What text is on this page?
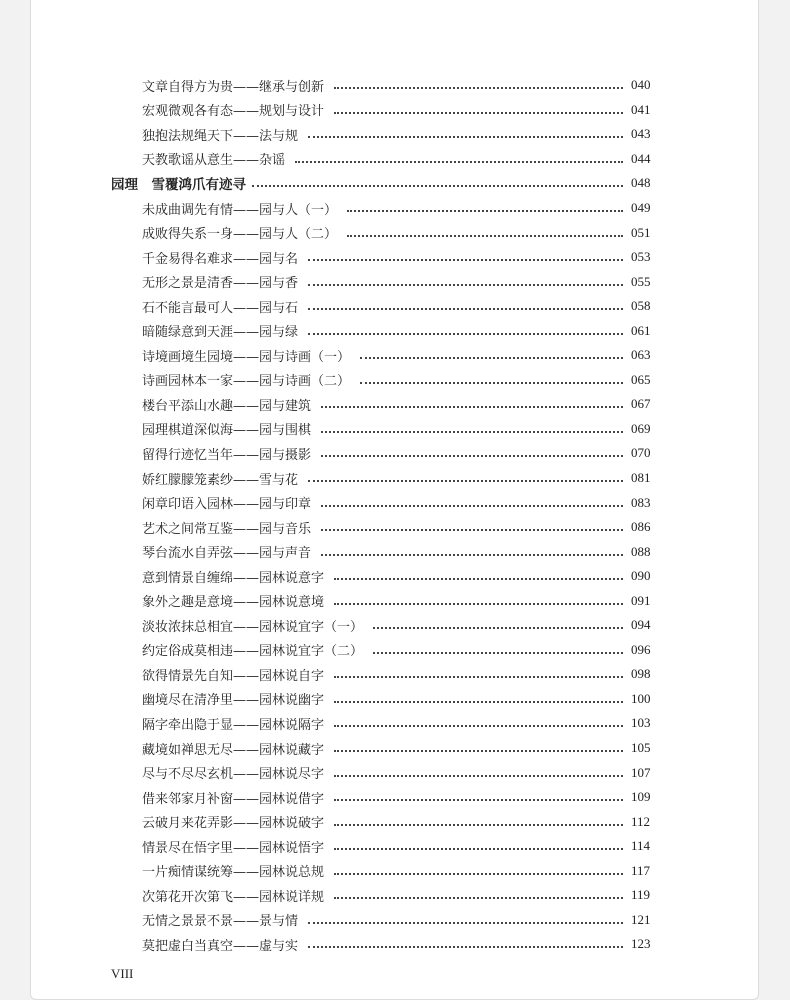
文章自得方为贵——继承与创新	040
宏观微观各有态——规划与设计	041
独抱法规绳天下——法与规	043
天教歌谣从意生——杂谣	044
园理　雪覆鸿爪有迹寻	048
未成曲调先有情——园与人（一）	049
成败得失系一身——园与人（二）	051
千金易得名难求——园与名	053
无形之景是清香——园与香	055
石不能言最可人——园与石	058
暗随绿意到天涯——园与绿	061
诗境画境生园境——园与诗画（一）	063
诗画园林本一家——园与诗画（二）	065
楼台平添山水趣——园与建筑	067
园理棋道深似海——园与围棋	069
留得行迹忆当年——园与摄影	070
娇红朦朦笼素纱——雪与花	081
闲章印语入园林——园与印章	083
艺术之间常互鉴——园与音乐	086
琴台流水自弄弦——园与声音	088
意到情景自缠绵——园林说意字	090
象外之趣是意境——园林说意境	091
淡妆浓抹总相宜——园林说宜字（一）	094
约定俗成莫相违——园林说宜字（二）	096
欲得情景先自知——园林说自字	098
幽境尽在清净里——园林说幽字	100
隔字牵出隐于显——园林说隔字	103
藏境如禅思无尽——园林说藏字	105
尽与不尽尽玄机——园林说尽字	107
借来邻家月补窗——园林说借字	109
云破月来花弄影——园林说破字	112
情景尽在悟字里——园林说悟字	114
一片痴情谋统筹——园林说总规	117
次第花开次第飞——园林说详规	119
无情之景景不景——景与情	121
莫把虚白当真空——虚与实	123
VIII
